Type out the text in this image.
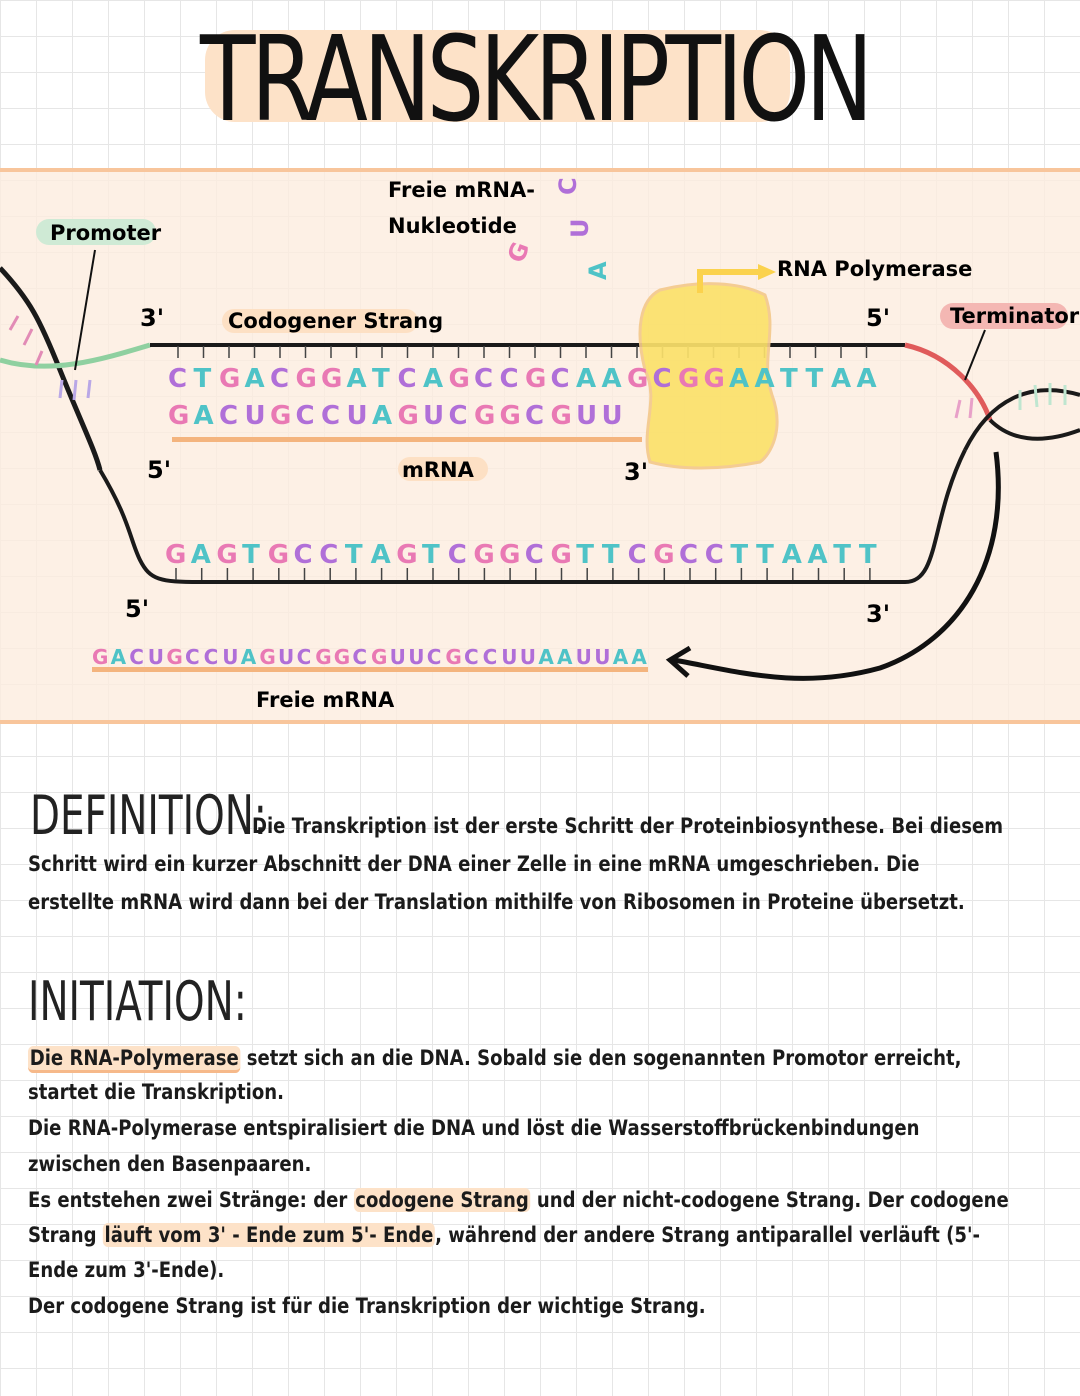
TRANSKRIPTION
Promoter
Freie mRNA-
Nukleotide
C
U
G
A	RNA Polymerase
Terminator
Codogener Strang
3'	5'
5'	3'
5'	3'
mRNA
Freie mRNA
C T G A C G G A T C A G C C G C A A G C G G A A T T A A
G A C U G C C U A G U C G G C G U U
G A G T G C C T A G T C G G C G T T C G C C T T A A T T
G A C U G C C U A G U C G G C G U U C G C C U U A A U U A A
DEFINITION:
Die Transkription ist der erste Schritt der Proteinbiosynthese. Bei diesem
Schritt wird ein kurzer Abschnitt der DNA einer Zelle in eine mRNA umgeschrieben. Die
erstellte mRNA wird dann bei der Translation mithilfe von Ribosomen in Proteine übersetzt.
INITIATION:
Die RNA-Polymerase setzt sich an die DNA. Sobald sie den sogenannten Promotor erreicht,
startet die Transkription.
Die RNA-Polymerase entspiralisiert die DNA und löst die Wasserstoffbrückenbindungen
zwischen den Basenpaaren.
Es entstehen zwei Stränge: der codogene Strang und der nicht-codogene Strang. Der codogene
Strang läuft vom 3' - Ende zum 5'- Ende, während der andere Strang antiparallel verläuft (5'-
Ende zum 3'-Ende).
Der codogene Strang ist für die Transkription der wichtige Strang.
